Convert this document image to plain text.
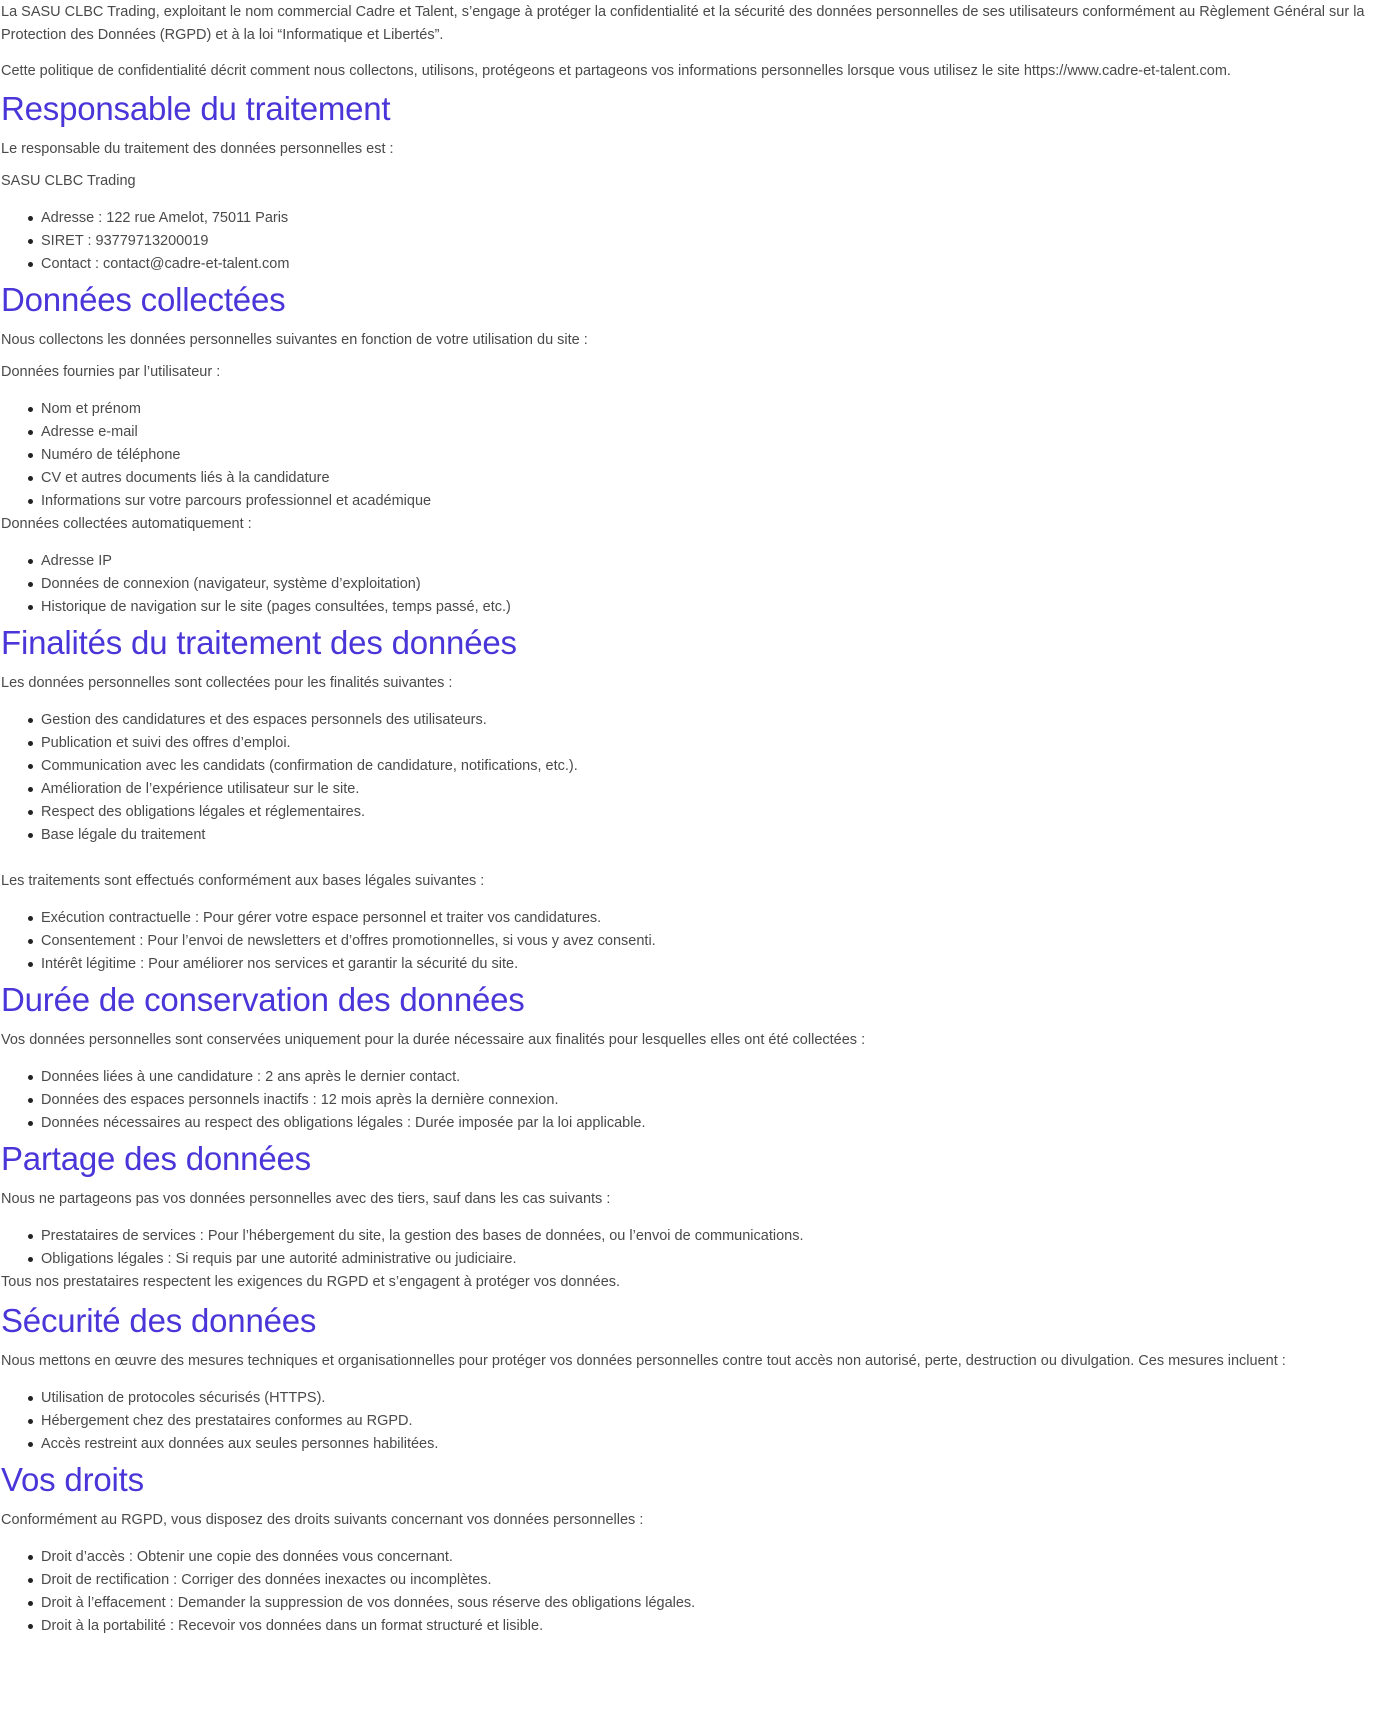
La SASU CLBC Trading, exploitant le nom commercial Cadre et Talent, s’engage à protéger la confidentialité et la sécurité des données personnelles de ses utilisateurs conformément au Règlement Général sur la Protection des Données (RGPD) et à la loi “Informatique et Libertés”.

Cette politique de confidentialité décrit comment nous collectons, utilisons, protégeons et partageons vos informations personnelles lorsque vous utilisez le site https://www.cadre-et-talent.com.

Responsable du traitement

Le responsable du traitement des données personnelles est :

SASU CLBC Trading

Adresse : 122 rue Amelot, 75011 Paris
SIRET : 93779713200019
Contact : contact@cadre-et-talent.com
Données collectées

Nous collectons les données personnelles suivantes en fonction de votre utilisation du site :

Données fournies par l’utilisateur :

Nom et prénom
Adresse e-mail
Numéro de téléphone
CV et autres documents liés à la candidature
Informations sur votre parcours professionnel et académique

Données collectées automatiquement :

Adresse IP
Données de connexion (navigateur, système d’exploitation)
Historique de navigation sur le site (pages consultées, temps passé, etc.)
Finalités du traitement des données

Les données personnelles sont collectées pour les finalités suivantes :

Gestion des candidatures et des espaces personnels des utilisateurs.
Publication et suivi des offres d’emploi.
Communication avec les candidats (confirmation de candidature, notifications, etc.).
Amélioration de l’expérience utilisateur sur le site.
Respect des obligations légales et réglementaires.
Base légale du traitement

Les traitements sont effectués conformément aux bases légales suivantes :

Exécution contractuelle : Pour gérer votre espace personnel et traiter vos candidatures.
Consentement : Pour l’envoi de newsletters et d’offres promotionnelles, si vous y avez consenti.
Intérêt légitime : Pour améliorer nos services et garantir la sécurité du site.
Durée de conservation des données

Vos données personnelles sont conservées uniquement pour la durée nécessaire aux finalités pour lesquelles elles ont été collectées :

Données liées à une candidature : 2 ans après le dernier contact.
Données des espaces personnels inactifs : 12 mois après la dernière connexion.
Données nécessaires au respect des obligations légales : Durée imposée par la loi applicable.
Partage des données

Nous ne partageons pas vos données personnelles avec des tiers, sauf dans les cas suivants :

Prestataires de services : Pour l’hébergement du site, la gestion des bases de données, ou l’envoi de communications.
Obligations légales : Si requis par une autorité administrative ou judiciaire.

Tous nos prestataires respectent les exigences du RGPD et s’engagent à protéger vos données.

Sécurité des données

Nous mettons en œuvre des mesures techniques et organisationnelles pour protéger vos données personnelles contre tout accès non autorisé, perte, destruction ou divulgation. Ces mesures incluent :

Utilisation de protocoles sécurisés (HTTPS).
Hébergement chez des prestataires conformes au RGPD.
Accès restreint aux données aux seules personnes habilitées.
Vos droits

Conformément au RGPD, vous disposez des droits suivants concernant vos données personnelles :

Droit d’accès : Obtenir une copie des données vous concernant.
Droit de rectification : Corriger des données inexactes ou incomplètes.
Droit à l’effacement : Demander la suppression de vos données, sous réserve des obligations légales.
Droit à la portabilité : Recevoir vos données dans un format structuré et lisible.
